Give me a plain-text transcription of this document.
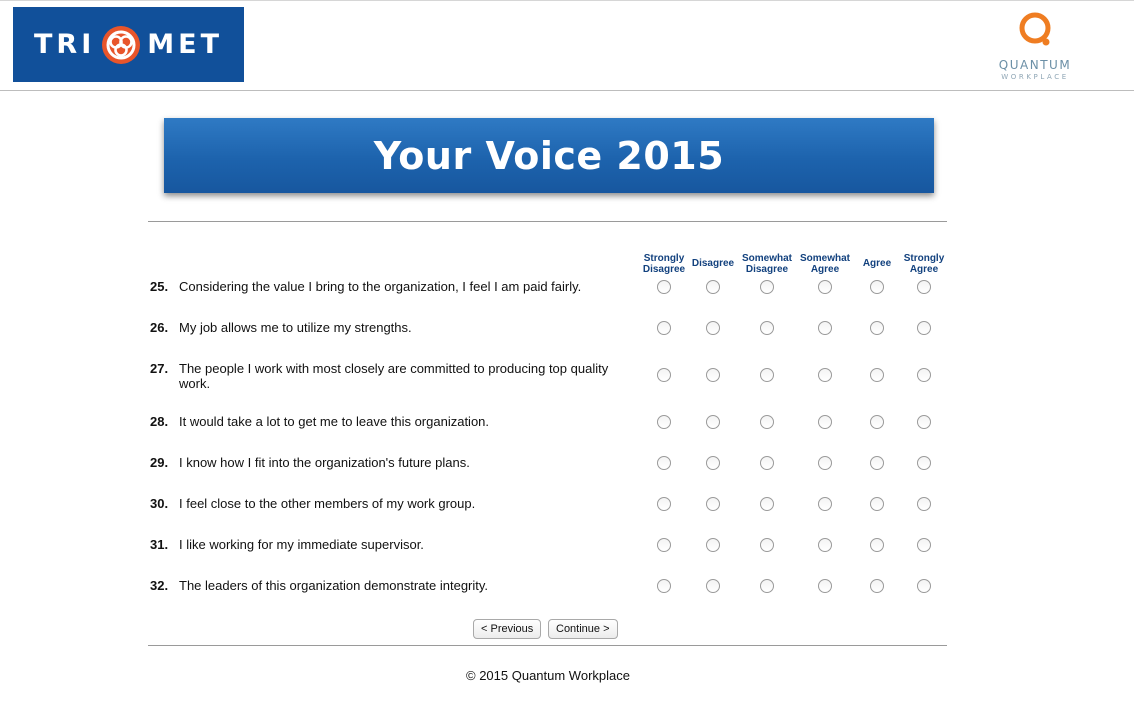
TRI MET
QUANTUM
WORKPLACE
Your Voice 2015
Strongly
Disagree
Disagree Somewhat
Disagree
Somewhat
Agree
Agree	Strongly
Agree
25. Considering the value I bring to the organization, I feel I am paid fairly.
26. My job allows me to utilize my strengths.
27. The people I work with most closely are committed to producing top quality work.
28. It would take a lot to get me to leave this organization.
29. I know how I fit into the organization's future plans.
30. I feel close to the other members of my work group.
31. I like working for my immediate supervisor.
32. The leaders of this organization demonstrate integrity.
< Previous	Continue >
© 2015 Quantum Workplace
